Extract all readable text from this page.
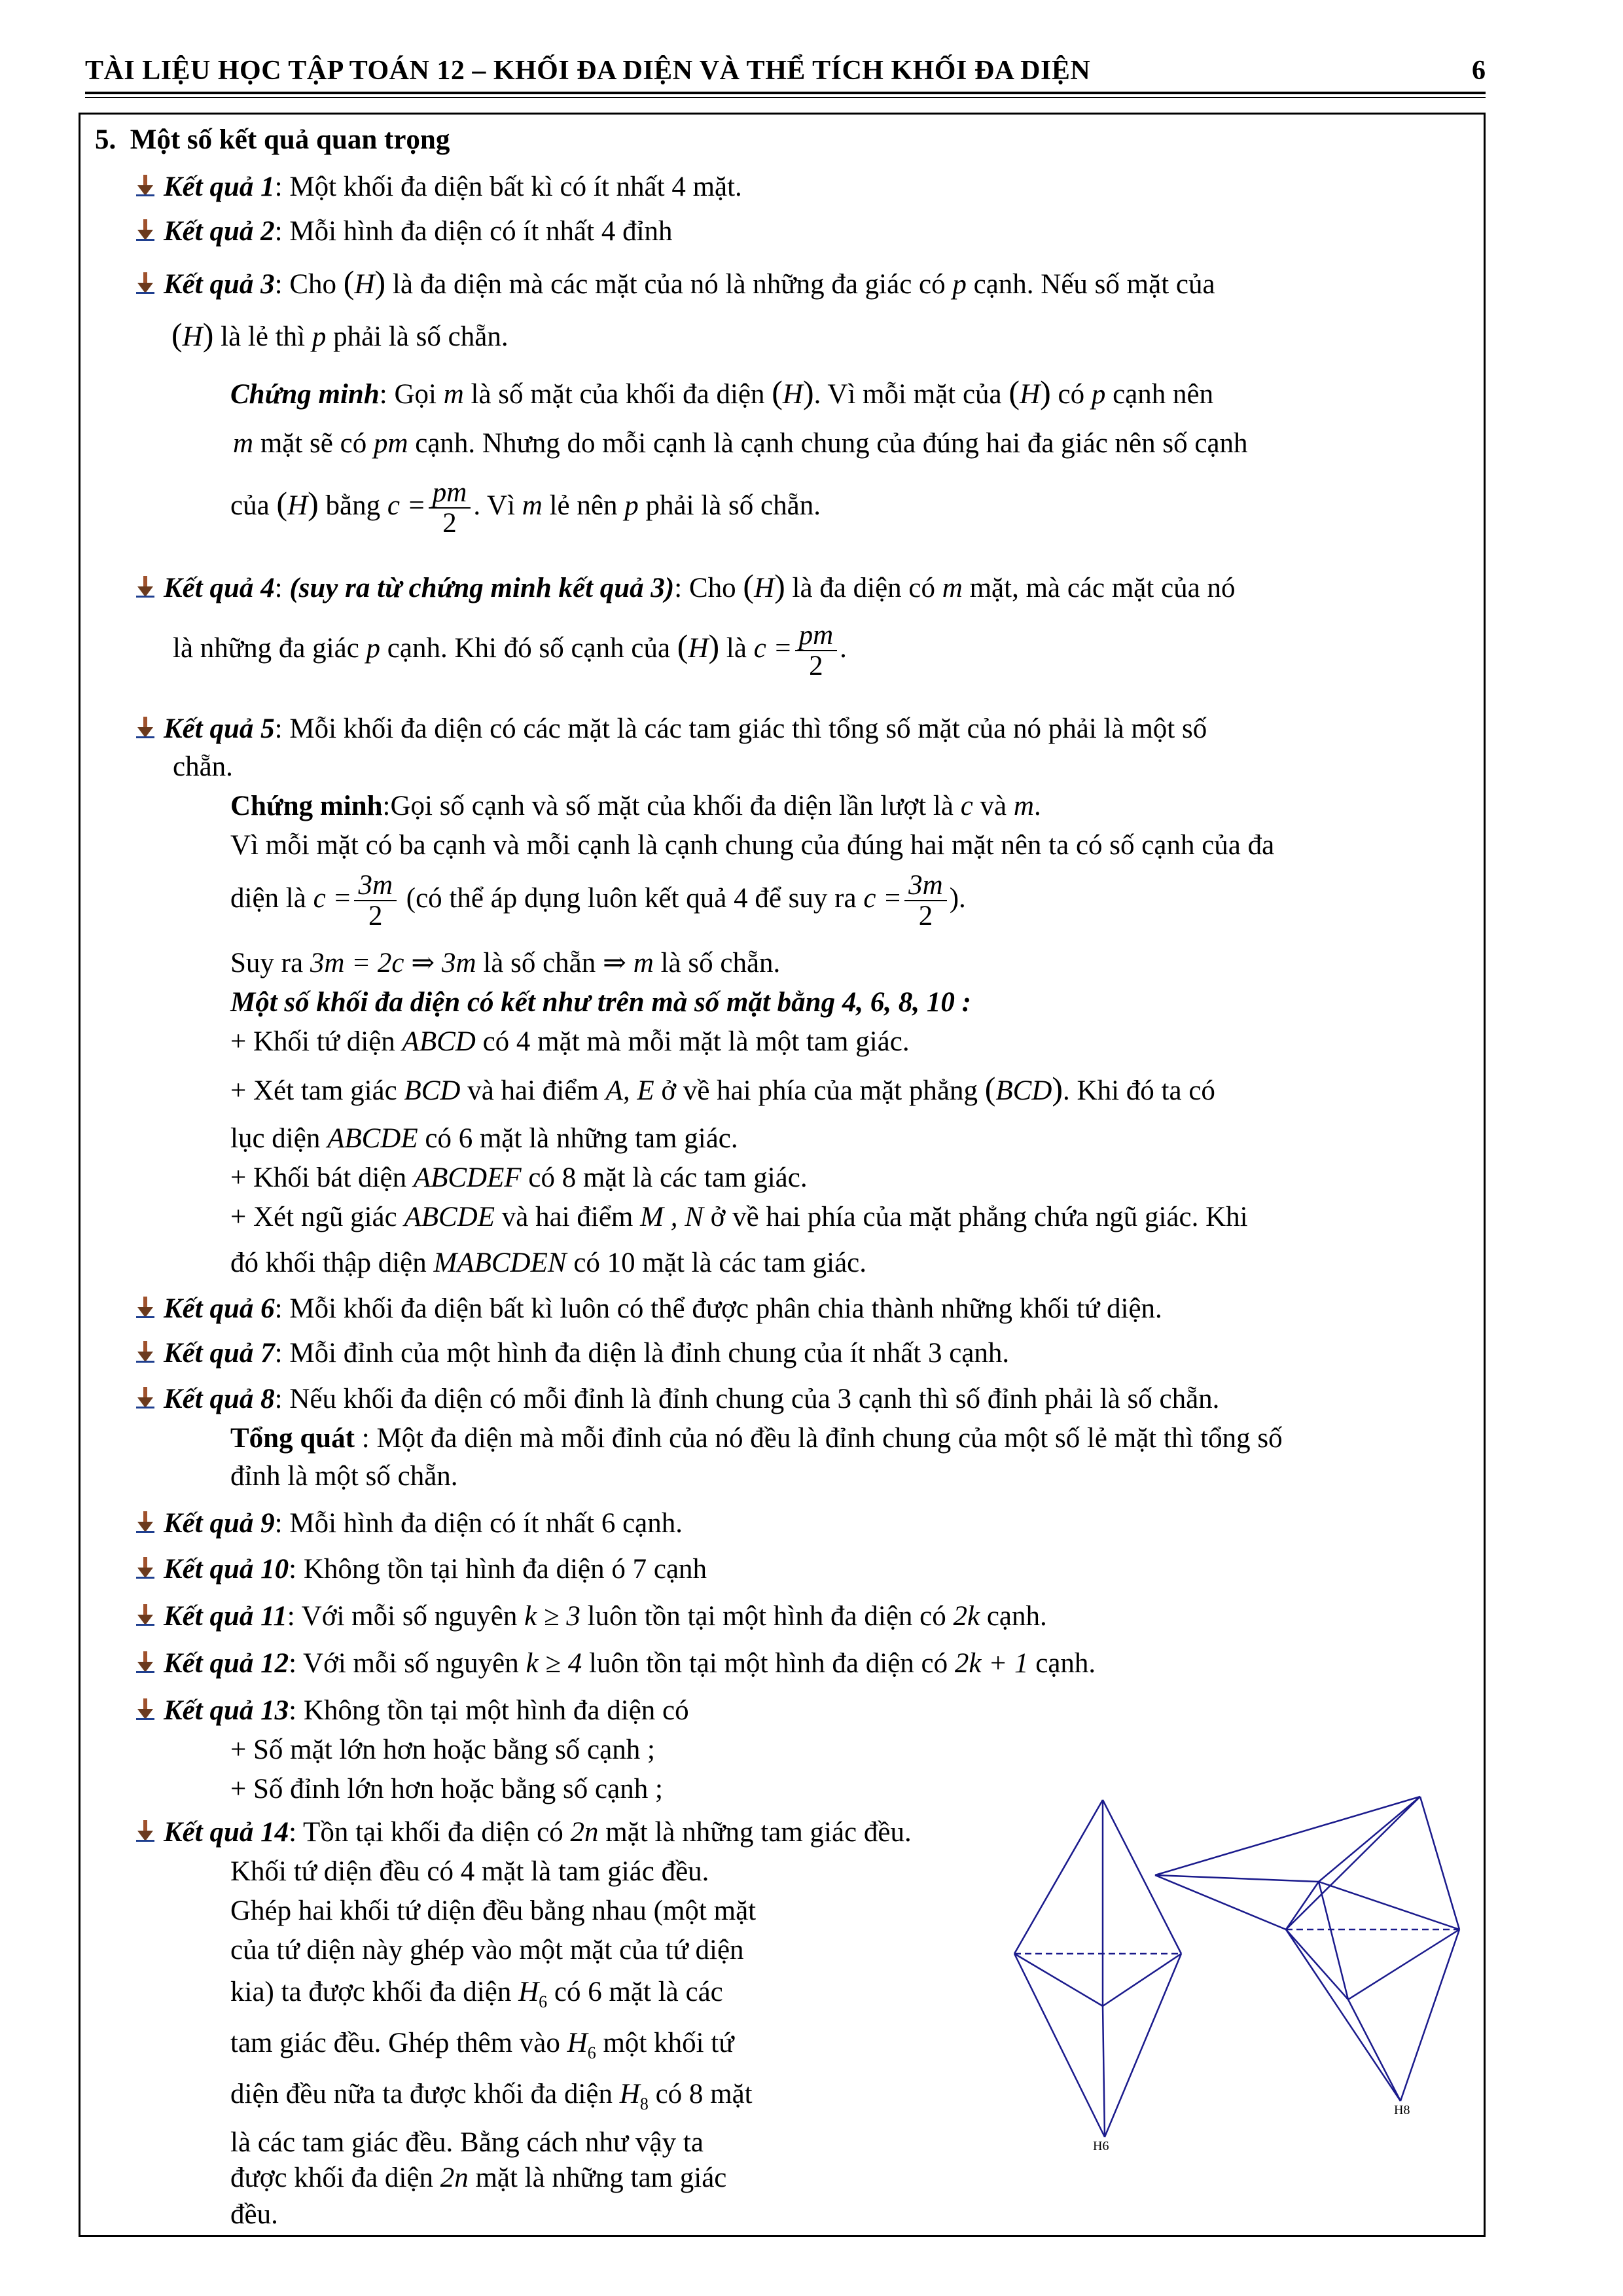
TÀI LIỆU HỌC TẬP TOÁN 12 – KHỐI ĐA DIỆN VÀ THỂ TÍCH KHỐI ĐA DIỆN	6
5. Một số kết quả quan trọng
Kết quả 1: Một khối đa diện bất kì có ít nhất 4 mặt.
Kết quả 2: Mỗi hình đa diện có ít nhất 4 đỉnh
Kết quả 3: Cho (H) là đa diện mà các mặt của nó là những đa giác có p cạnh. Nếu số mặt của
(H) là lẻ thì p phải là số chẵn.
Chứng minh: Gọi m là số mặt của khối đa diện (H). Vì mỗi mặt của (H) có p cạnh nên
m mặt sẽ có pm cạnh. Nhưng do mỗi cạnh là cạnh chung của đúng hai đa giác nên số cạnh
của (H) bằng $c = \frac{pm}{2}$ . Vì m lẻ nên p phải là số chẵn.
Kết quả 4: (suy ra từ chứng minh kết quả 3): Cho (H) là đa diện có m mặt, mà các mặt của nó
là những đa giác p cạnh. Khi đó số cạnh của (H) là $c = \frac{pm}{2}$ .
Kết quả 5: Mỗi khối đa diện có các mặt là các tam giác thì tổng số mặt của nó phải là một số
chẵn.
Chứng minh:Gọi số cạnh và số mặt của khối đa diện lần lượt là c và m.
Vì mỗi mặt có ba cạnh và mỗi cạnh là cạnh chung của đúng hai mặt nên ta có số cạnh của đa
diện là $c = \frac{3m}{2}$ (có thể áp dụng luôn kết quả 4 để suy ra $c = \frac{3m}{2}$ ).
Suy ra 3m = 2c ⇒ 3m là số chẵn ⇒ m là số chẵn.
Một số khối đa diện có kết như trên mà số mặt bằng 4, 6, 8, 10 :
+ Khối tứ diện ABCD có 4 mặt mà mỗi mặt là một tam giác.
+ Xét tam giác BCD và hai điểm A, E ở về hai phía của mặt phẳng (BCD). Khi đó ta có
lục diện ABCDE có 6 mặt là những tam giác.
+ Khối bát diện ABCDEF có 8 mặt là các tam giác.
+ Xét ngũ giác ABCDE và hai điểm M , N ở về hai phía của mặt phẳng chứa ngũ giác. Khi
đó khối thập diện MABCDEN có 10 mặt là các tam giác.
Kết quả 6: Mỗi khối đa diện bất kì luôn có thể được phân chia thành những khối tứ diện.
Kết quả 7: Mỗi đỉnh của một hình đa diện là đỉnh chung của ít nhất 3 cạnh.
Kết quả 8: Nếu khối đa diện có mỗi đỉnh là đỉnh chung của 3 cạnh thì số đỉnh phải là số chẵn.
Tổng quát : Một đa diện mà mỗi đỉnh của nó đều là đỉnh chung của một số lẻ mặt thì tổng số
đỉnh là một số chẵn.
Kết quả 9: Mỗi hình đa diện có ít nhất 6 cạnh.
Kết quả 10: Không tồn tại hình đa diện ó 7 cạnh
Kết quả 11: Với mỗi số nguyên k ≥ 3 luôn tồn tại một hình đa diện có 2k cạnh.
Kết quả 12: Với mỗi số nguyên k ≥ 4 luôn tồn tại một hình đa diện có 2k + 1 cạnh.
Kết quả 13: Không tồn tại một hình đa diện có
+ Số mặt lớn hơn hoặc bằng số cạnh ;
+ Số đỉnh lớn hơn hoặc bằng số cạnh ;
Kết quả 14: Tồn tại khối đa diện có 2n mặt là những tam giác đều.
Khối tứ diện đều có 4 mặt là tam giác đều.
Ghép hai khối tứ diện đều bằng nhau (một mặt
của tứ diện này ghép vào một mặt của tứ diện
kia) ta được khối đa diện $H_6$ có 6 mặt là các
tam giác đều. Ghép thêm vào $H_6$ một khối tứ
diện đều nữa ta được khối đa diện $H_8$ có 8 mặt
là các tam giác đều. Bằng cách như vậy ta
được khối đa diện 2n mặt là những tam giác
đều.
H6
H8
